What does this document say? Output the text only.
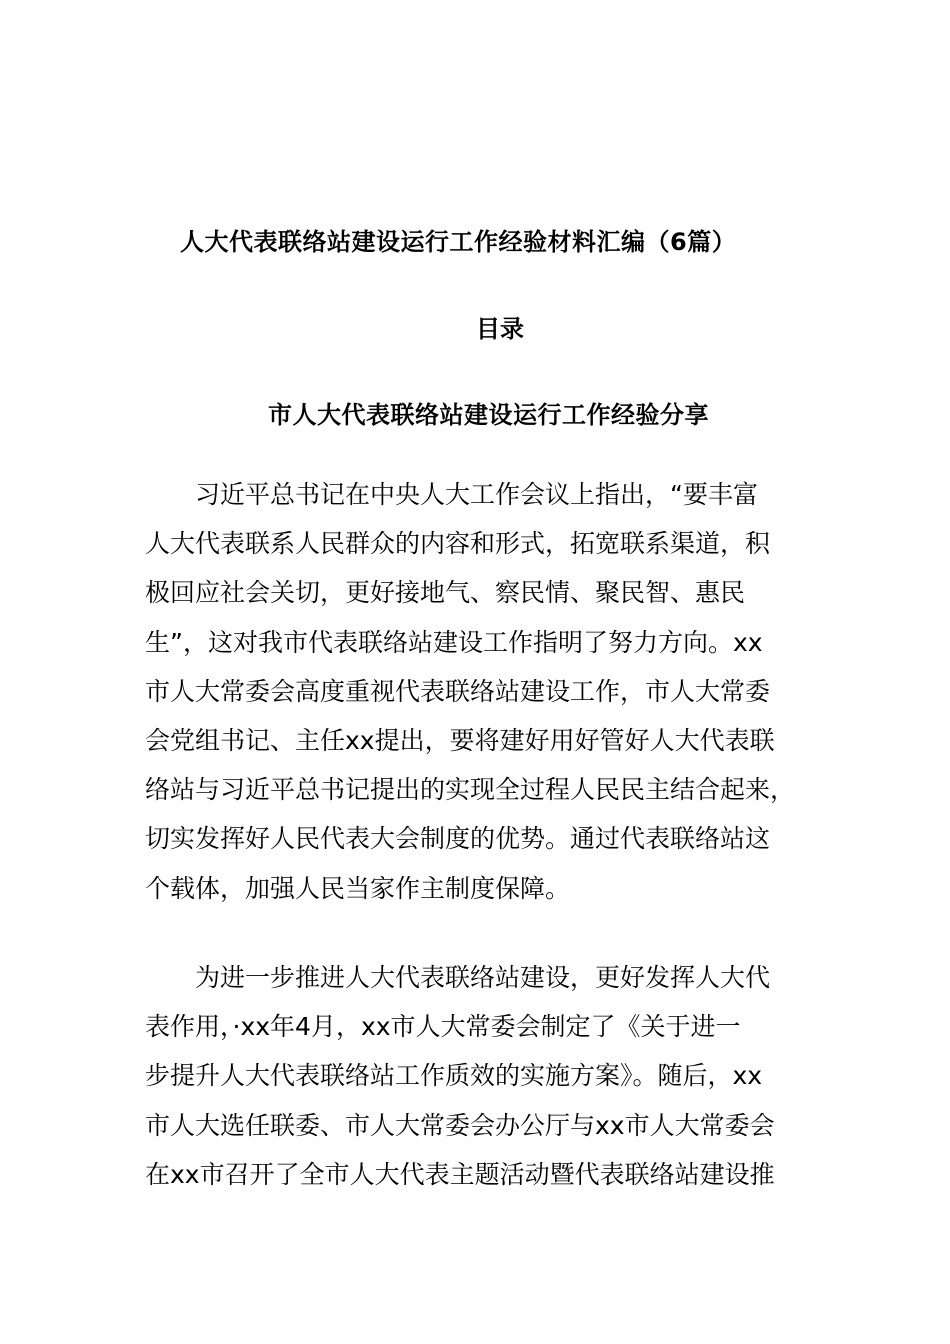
人大代表联络站建设运行工作经验材料汇编（6篇）
目录
市人大代表联络站建设运行工作经验分享
　　习近平总书记在中央人大工作会议上指出，“要丰富
人大代表联系人民群众的内容和形式，拓宽联系渠道，积
极回应社会关切，更好接地气、察民情、聚民智、惠民
生”，这对我市代表联络站建设工作指明了努力方向。xx
市人大常委会高度重视代表联络站建设工作，市人大常委
会党组书记、主任xx提出，要将建好用好管好人大代表联
络站与习近平总书记提出的实现全过程人民民主结合起来，
切实发挥好人民代表大会制度的优势。通过代表联络站这
个载体，加强人民当家作主制度保障。
　　为进一步推进人大代表联络站建设，更好发挥人大代
表作用，·xx年4月，xx市人大常委会制定了《关于进一
步提升人大代表联络站工作质效的实施方案》。随后，xx
市人大选任联委、市人大常委会办公厅与xx市人大常委会
在xx市召开了全市人大代表主题活动暨代表联络站建设推
